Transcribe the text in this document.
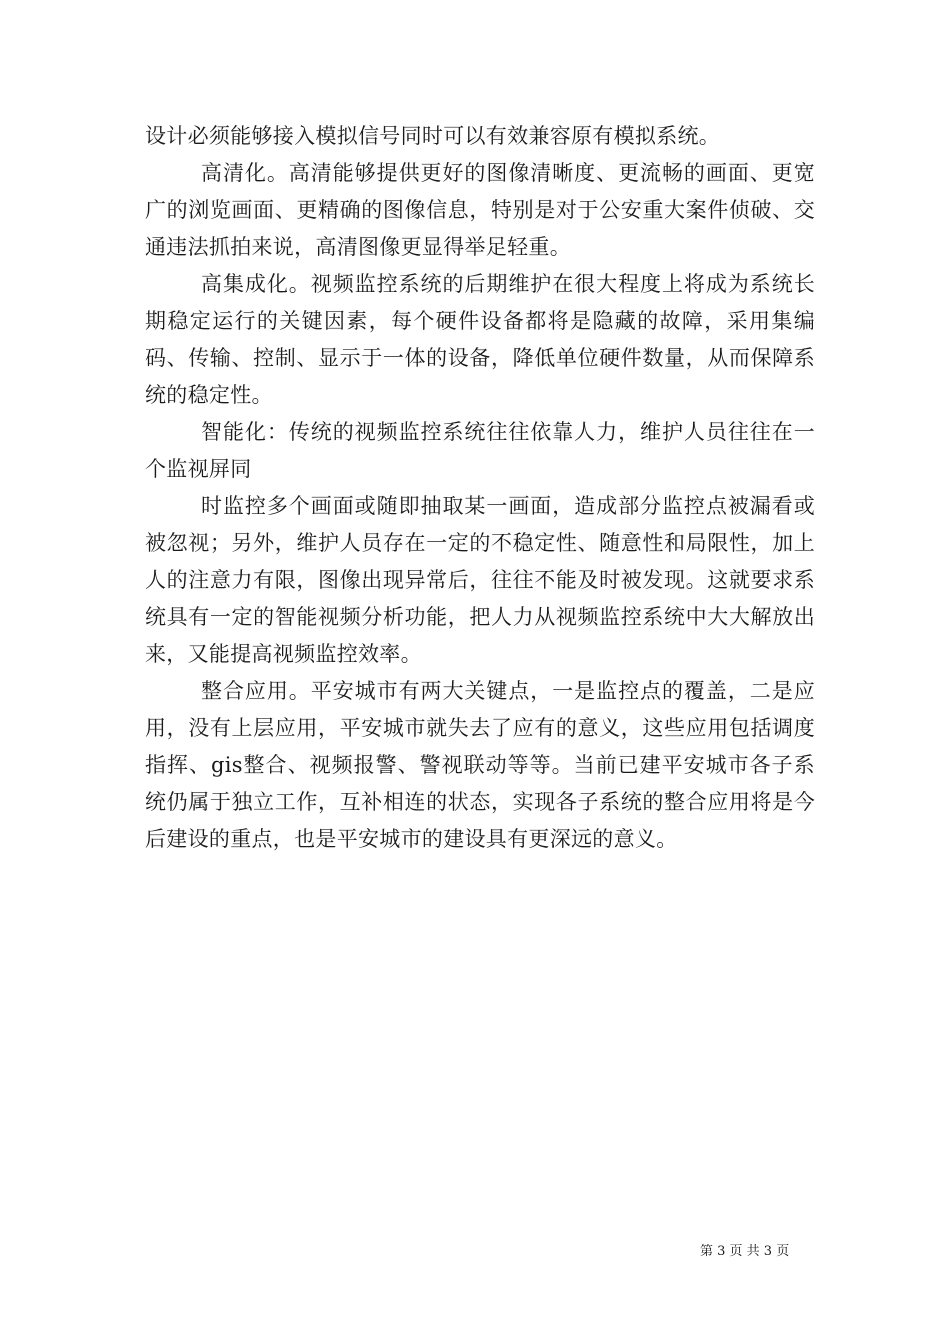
设计必须能够接入模拟信号同时可以有效兼容原有模拟系统。

高清化。高清能够提供更好的图像清晰度、更流畅的画面、更宽广的浏览画面、更精确的图像信息，特别是对于公安重大案件侦破、交通违法抓拍来说，高清图像更显得举足轻重。

高集成化。视频监控系统的后期维护在很大程度上将成为系统长期稳定运行的关键因素，每个硬件设备都将是隐藏的故障，采用集编码、传输、控制、显示于一体的设备，降低单位硬件数量，从而保障系统的稳定性。

智能化：传统的视频监控系统往往依靠人力，维护人员往往在一个监视屏同

时监控多个画面或随即抽取某一画面，造成部分监控点被漏看或被忽视；另外，维护人员存在一定的不稳定性、随意性和局限性，加上人的注意力有限，图像出现异常后，往往不能及时被发现。这就要求系统具有一定的智能视频分析功能，把人力从视频监控系统中大大解放出来，又能提高视频监控效率。

整合应用。平安城市有两大关键点，一是监控点的覆盖，二是应用，没有上层应用，平安城市就失去了应有的意义，这些应用包括调度指挥、gis整合、视频报警、警视联动等等。当前已建平安城市各子系统仍属于独立工作，互补相连的状态，实现各子系统的整合应用将是今后建设的重点，也是平安城市的建设具有更深远的意义。

第 3 页 共 3 页
